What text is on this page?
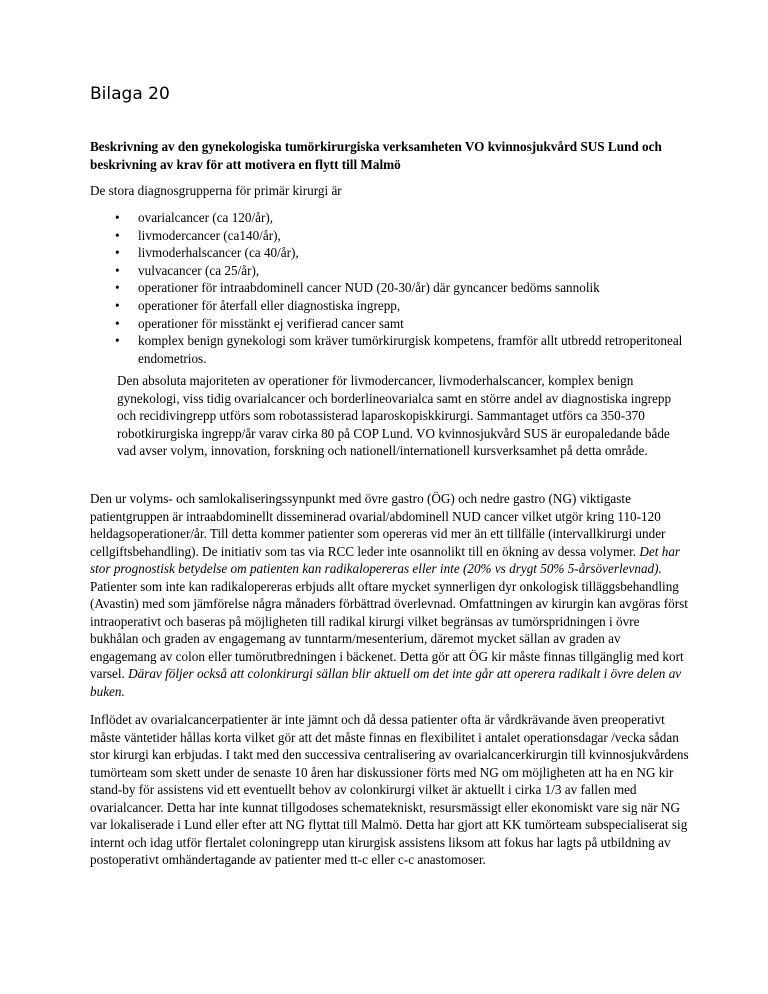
Bilaga 20

Beskrivning av den gynekologiska tumörkirurgiska verksamheten VO kvinnosjukvård SUS Lund och beskrivning av krav för att motivera en flytt till Malmö

De stora diagnosgrupperna för primär kirurgi är

• ovarialcancer (ca 120/år),
• livmodercancer (ca140/år),
• livmoderhalscancer (ca 40/år),
• vulvacancer (ca 25/år),
• operationer för intraabdominell cancer NUD (20-30/år) där gyncancer bedöms sannolik
• operationer för återfall eller diagnostiska ingrepp,
• operationer för misstänkt ej verifierad cancer samt
• komplex benign gynekologi som kräver tumörkirurgisk kompetens, framför allt utbredd retroperitoneal endometrios.

Den absoluta majoriteten av operationer för livmodercancer, livmoderhalscancer, komplex benign gynekologi, viss tidig ovarialcancer och borderlineovarialca samt en större andel av diagnostiska ingrepp och recidivingrepp utförs som robotassisterad laparoskopiskkirurgi. Sammantaget utförs ca 350-370 robotkirurgiska ingrepp/år varav cirka 80 på COP Lund. VO kvinnosjukvård SUS är europaledande både vad avser volym, innovation, forskning och nationell/internationell kursverksamhet på detta område.

Den ur volyms- och samlokaliseringssynpunkt med övre gastro (ÖG) och nedre gastro (NG) viktigaste patientgruppen är intraabdominellt disseminerad ovarial/abdominell NUD cancer vilket utgör kring 110-120 heldagsoperationer/år. Till detta kommer patienter som opereras vid mer än ett tillfälle (intervallkirurgi under cellgiftsbehandling). De initiativ som tas via RCC leder inte osannolikt till en ökning av dessa volymer. Det har stor prognostisk betydelse om patienten kan radikalopereras eller inte (20% vs drygt 50% 5-årsöverlevnad). Patienter som inte kan radikalopereras erbjuds allt oftare mycket synnerligen dyr onkologisk tilläggsbehandling (Avastin) med som jämförelse några månaders förbättrad överlevnad. Omfattningen av kirurgin kan avgöras först intraoperativt och baseras på möjligheten till radikal kirurgi vilket begränsas av tumörspridningen i övre bukhålan och graden av engagemang av tunntarm/mesenterium, däremot mycket sällan av graden av engagemang av colon eller tumörutbredningen i bäckenet. Detta gör att ÖG kir måste finnas tillgänglig med kort varsel. Därav följer också att colonkirurgi sällan blir aktuell om det inte går att operera radikalt i övre delen av buken.

Inflödet av ovarialcancerpatienter är inte jämnt och då dessa patienter ofta är vårdkrävande även preoperativt måste väntetider hållas korta vilket gör att det måste finnas en flexibilitet i antalet operationsdagar /vecka sådan stor kirurgi kan erbjudas. I takt med den successiva centralisering av ovarialcancerkirurgin till kvinnosjukvårdens tumörteam som skett under de senaste 10 åren har diskussioner förts med NG om möjligheten att ha en NG kir stand-by för assistens vid ett eventuellt behov av colonkirurgi vilket är aktuellt i cirka 1/3 av fallen med ovarialcancer. Detta har inte kunnat tillgodoses schematekniskt, resursmässigt eller ekonomiskt vare sig när NG var lokaliserade i Lund eller efter att NG flyttat till Malmö. Detta har gjort att KK tumörteam subspecialiserat sig internt och idag utför flertalet coloningrepp utan kirurgisk assistens liksom att fokus har lagts på utbildning av postoperativt omhändertagande av patienter med tt-c eller c-c anastomoser.
